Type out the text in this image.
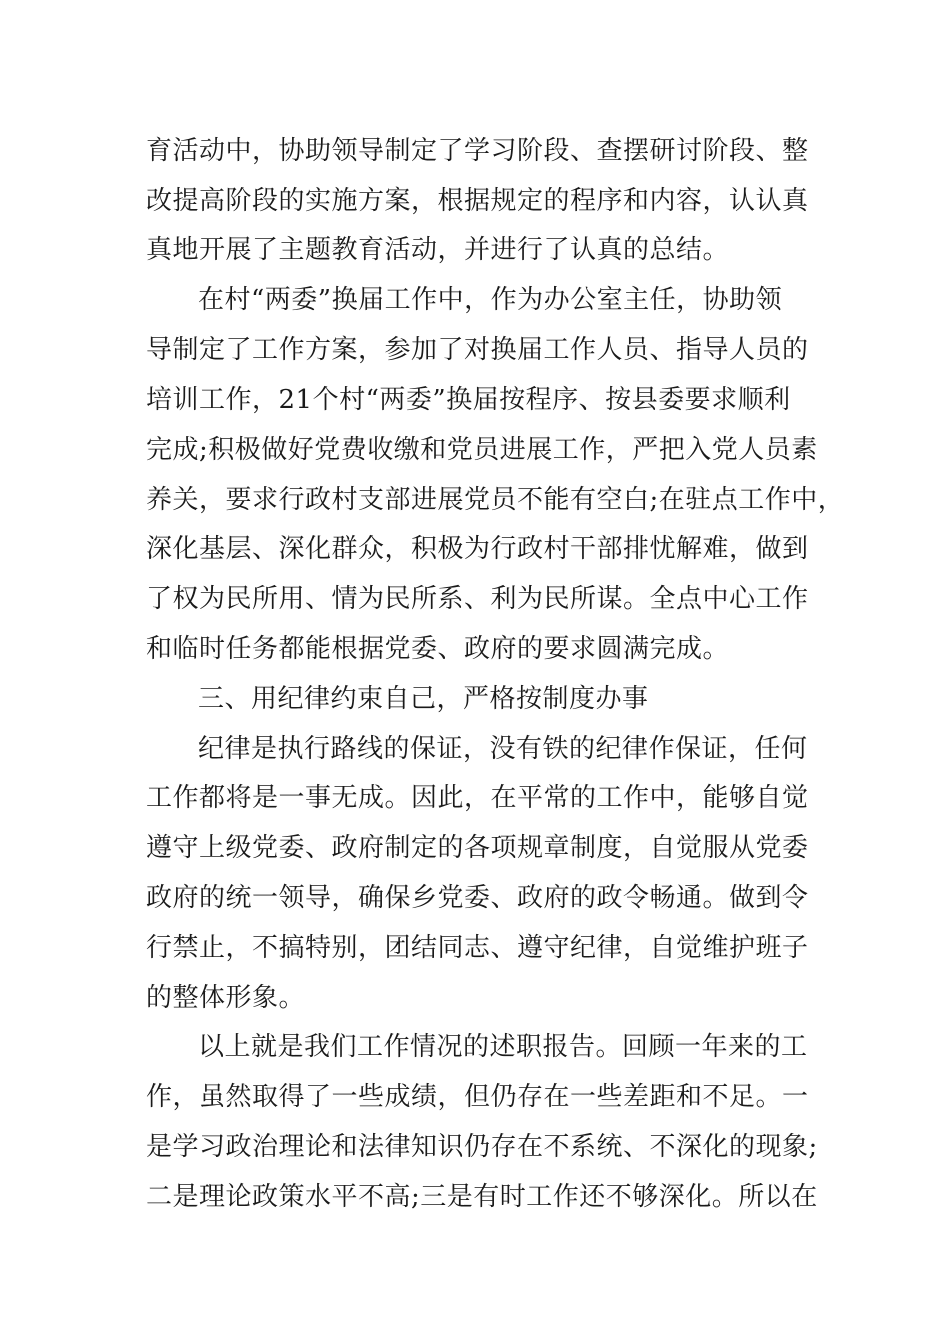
育活动中，协助领导制定了学习阶段、查摆研讨阶段、整

改提高阶段的实施方案，根据规定的程序和内容，认认真

真地开展了主题教育活动，并进行了认真的总结。

在村“两委”换届工作中，作为办公室主任，协助领

导制定了工作方案，参加了对换届工作人员、指导人员的

培训工作，21个村“两委”换届按程序、按县委要求顺利

完成;积极做好党费收缴和党员进展工作，严把入党人员素

养关，要求行政村支部进展党员不能有空白;在驻点工作中，

深化基层、深化群众，积极为行政村干部排忧解难，做到

了权为民所用、情为民所系、利为民所谋。全点中心工作

和临时任务都能根据党委、政府的要求圆满完成。

三、用纪律约束自己，严格按制度办事

纪律是执行路线的保证，没有铁的纪律作保证，任何

工作都将是一事无成。因此，在平常的工作中，能够自觉

遵守上级党委、政府制定的各项规章制度，自觉服从党委

政府的统一领导，确保乡党委、政府的政令畅通。做到令

行禁止，不搞特别，团结同志、遵守纪律，自觉维护班子

的整体形象。

以上就是我们工作情况的述职报告。回顾一年来的工

作，虽然取得了一些成绩，但仍存在一些差距和不足。一

是学习政治理论和法律知识仍存在不系统、不深化的现象;

二是理论政策水平不高;三是有时工作还不够深化。所以在
